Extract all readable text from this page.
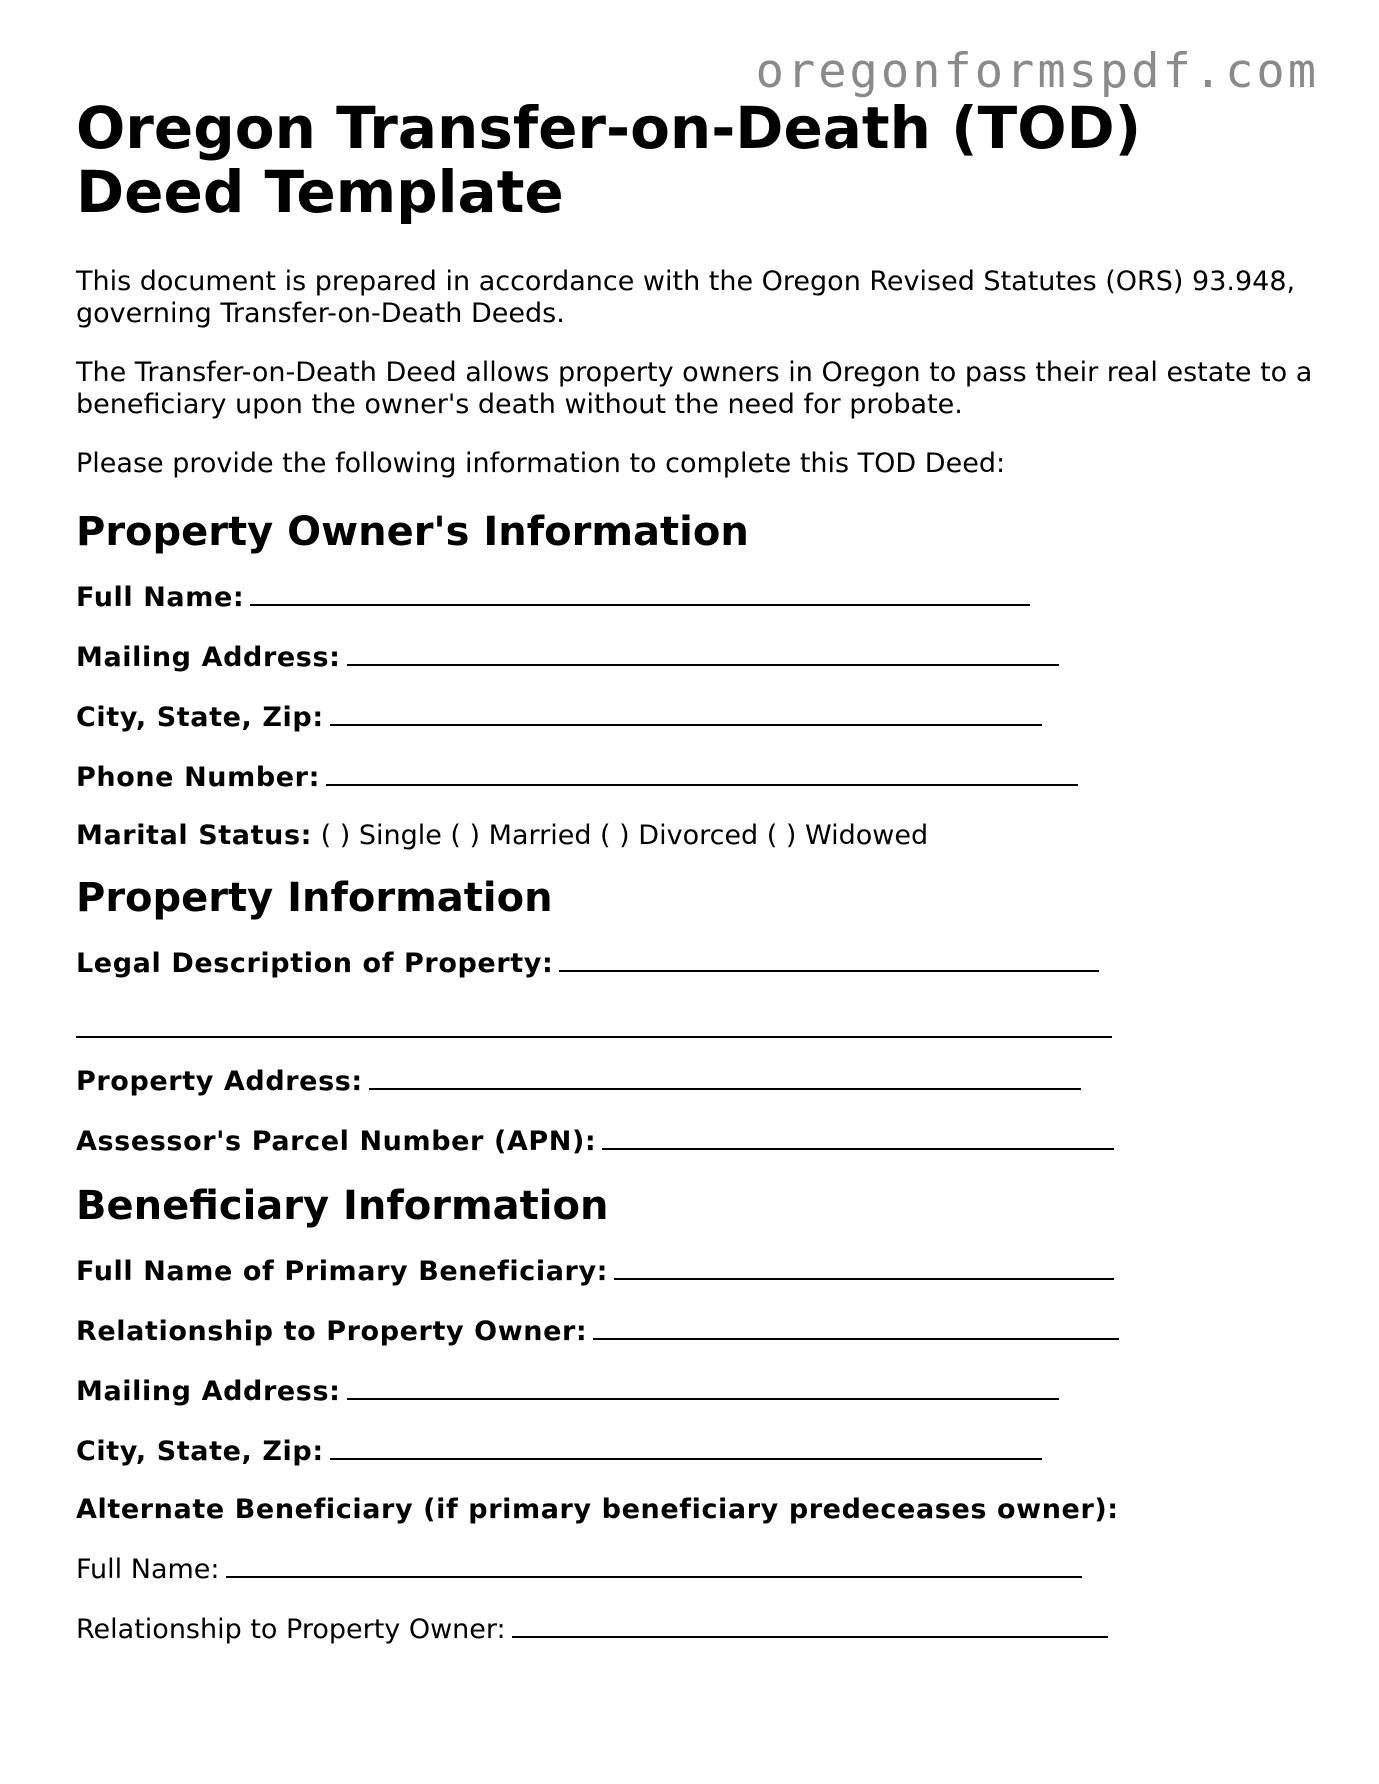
oregonformspdf.com
Oregon Transfer-on-Death (TOD) Deed Template

This document is prepared in accordance with the Oregon Revised Statutes (ORS) 93.948, governing Transfer-on-Death Deeds.

The Transfer-on-Death Deed allows property owners in Oregon to pass their real estate to a beneficiary upon the owner's death without the need for probate.

Please provide the following information to complete this TOD Deed:

Property Owner's Information
Full Name:
Mailing Address:
City, State, Zip:
Phone Number:
Marital Status: ( ) Single ( ) Married ( ) Divorced ( ) Widowed
Property Information
Legal Description of Property:
Property Address:
Assessor's Parcel Number (APN):
Beneficiary Information
Full Name of Primary Beneficiary:
Relationship to Property Owner:
Mailing Address:
City, State, Zip:
Alternate Beneficiary (if primary beneficiary predeceases owner):
Full Name:
Relationship to Property Owner:
